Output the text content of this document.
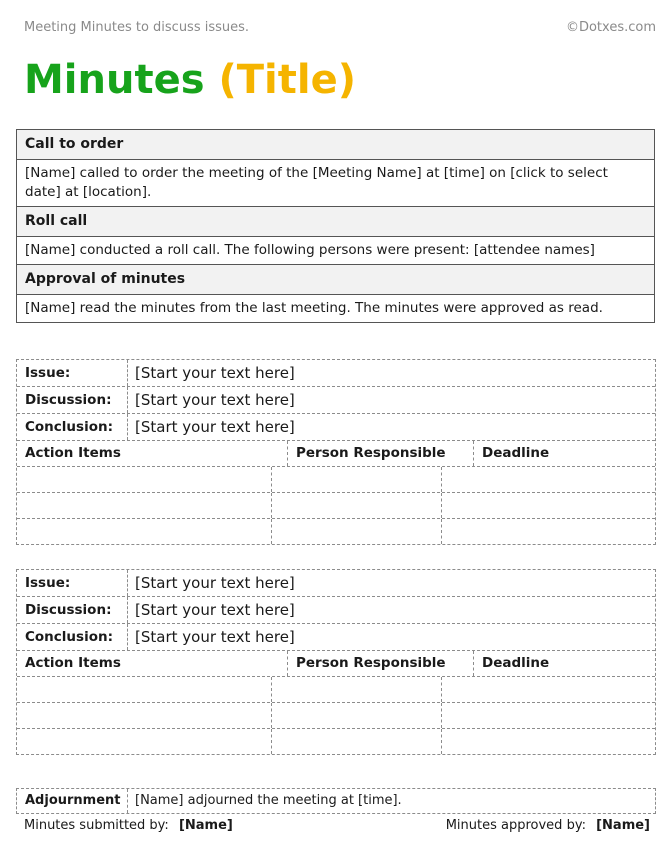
Meeting Minutes to discuss issues.	©Dotxes.com
Minutes (Title)
Call to order
[Name] called to order the meeting of the [Meeting Name] at [time] on [click to select date] at [location].
Roll call
[Name] conducted a roll call. The following persons were present: [attendee names]
Approval of minutes
[Name] read the minutes from the last meeting. The minutes were approved as read.
Issue:	[Start your text here]
Discussion:	[Start your text here]
Conclusion:	[Start your text here]
Action Items	Person Responsible	Deadline
Issue:	[Start your text here]
Discussion:	[Start your text here]
Conclusion:	[Start your text here]
Action Items	Person Responsible	Deadline
Adjournment	[Name] adjourned the meeting at [time].
Minutes submitted by: [Name]	Minutes approved by: [Name]
